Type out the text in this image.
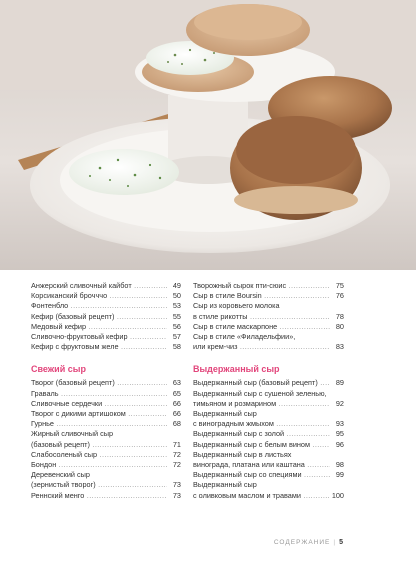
Анжерский сливочный кайбот .....	49
Корсиканский брочччо .....	50
Фонтенбло .....	53
Кефир (базовый рецепт) .....	55
Медовый кефир .....	56
Сливочно-фруктовый кефир .....	57
Кефир с фруктовым желе .....	58
Свежий сыр
Творог (базовый рецепт) .....	63
Граваль .....	65
Сливочные сердечки .....	66
Творог с дикими артишоком .....	66
Гурнье .....	68
Жирный сливочный сыр
(базовый рецепт) .....	71
Слабосоленый сыр .....	72
Бондон .....	72
Деревенский сыр
(зернистый творог) .....	73
Реннский менго .....	73
Творожный сырок пти-сюис .....	75
Сыр в стиле Boursin .....	76
Сыр из коровьего молока
в стиле рикотты .....	78
Сыр в стиле маскарпоне .....	80
Сыр в стиле «Филадельфии»,
или крем-чиз .....	83
Выдержанный сыр
Выдержанный сыр (базовый рецепт) .....	89
Выдержанный сыр с сушеной зеленью,
тимьяном и розмарином .....	92
Выдержанный сыр
с виноградным жмыхом .....	93
Выдержанный сыр с золой .....	95
Выдержанный сыр с белым вином .....	96
Выдержанный сыр в листьях
винограда, платана или каштана .....	98
Выдержанный сыр со специями .....	99
Выдержанный сыр
с оливковым маслом и травами .....	100
СОДЕРЖАНИЕ | 5
